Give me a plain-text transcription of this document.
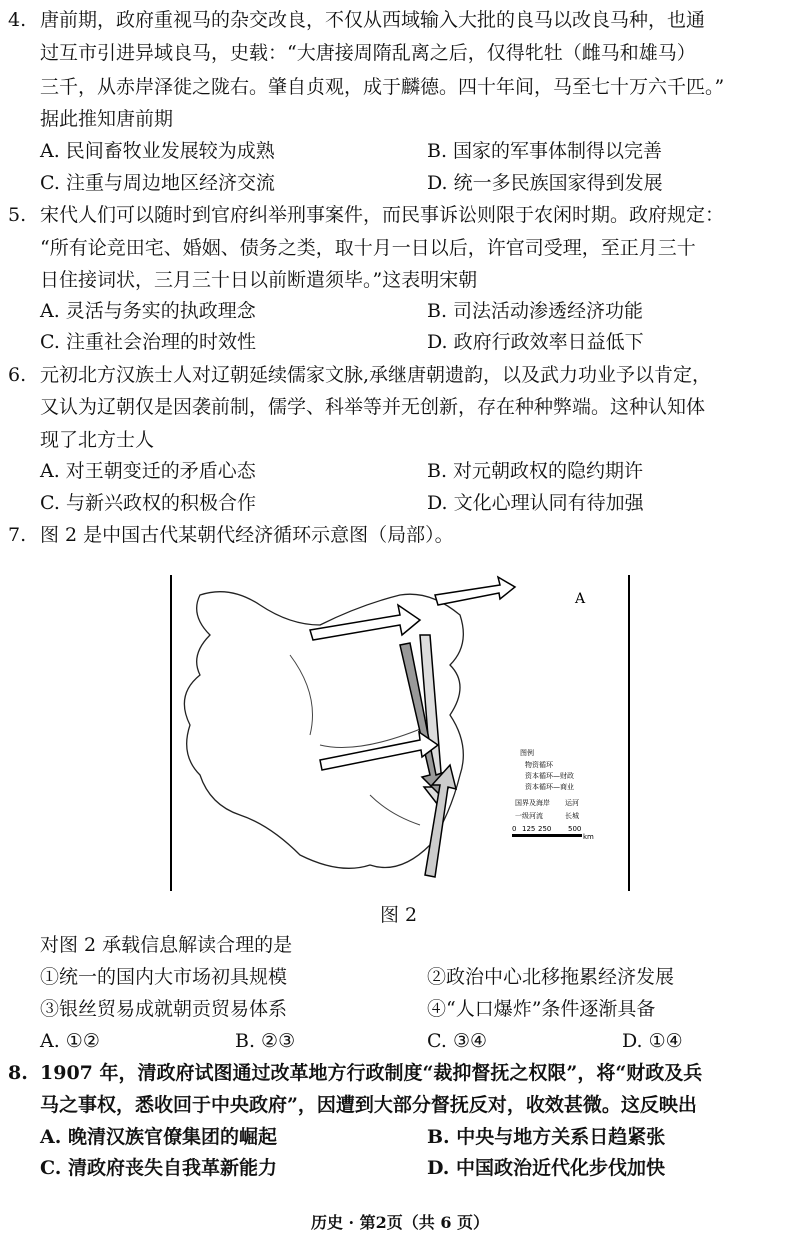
4. 唐前期，政府重视马的杂交改良，不仅从西域输入大批的良马以改良马种，也通
过互市引进异域良马，史载：“大唐接周隋乱离之后，仅得牝牡（雌马和雄马）
三千，从赤岸泽徙之陇右。肇自贞观，成于麟德。四十年间，马至七十万六千匹。”
据此推知唐前期
A. 民间畜牧业发展较为成熟	B. 国家的军事体制得以完善
C. 注重与周边地区经济交流	D. 统一多民族国家得到发展
5. 宋代人们可以随时到官府纠举刑事案件，而民事诉讼则限于农闲时期。政府规定：
“所有论竞田宅、婚姻、债务之类，取十月一日以后，许官司受理，至正月三十
日住接词状，三月三十日以前断遣须毕。”这表明宋朝
A. 灵活与务实的执政理念	B. 司法活动渗透经济功能
C. 注重社会治理的时效性	D. 政府行政效率日益低下
6. 元初北方汉族士人对辽朝延续儒家文脉,承继唐朝遗韵，以及武力功业予以肯定，
又认为辽朝仅是因袭前制，儒学、科举等并无创新，存在种种弊端。这种认知体
现了北方士人
A. 对王朝变迁的矛盾心态	B. 对元朝政权的隐约期许
C. 与新兴政权的积极合作	D. 文化心理认同有待加强
7. 图 2 是中国古代某朝代经济循环示意图（局部）。
A
图例
物资循环
资本循环—财政
资本循环—商业
国界及海岸 运河
一级河流	长城
0 125 250 500
km
图 2
对图 2 承载信息解读合理的是
①统一的国内大市场初具规模	②政治中心北移拖累经济发展
③银丝贸易成就朝贡贸易体系	④“人口爆炸”条件逐渐具备
A. ①②	B. ②③	C. ③④	D. ①④
8. 1907 年，清政府试图通过改革地方行政制度“裁抑督抚之权限”，将“财政及兵
马之事权，悉收回于中央政府”，因遭到大部分督抚反对，收效甚微。这反映出
A. 晚清汉族官僚集团的崛起	B. 中央与地方关系日趋紧张
C. 清政府丧失自我革新能力	D. 中国政治近代化步伐加快
历史 · 第2页（共 6 页）
